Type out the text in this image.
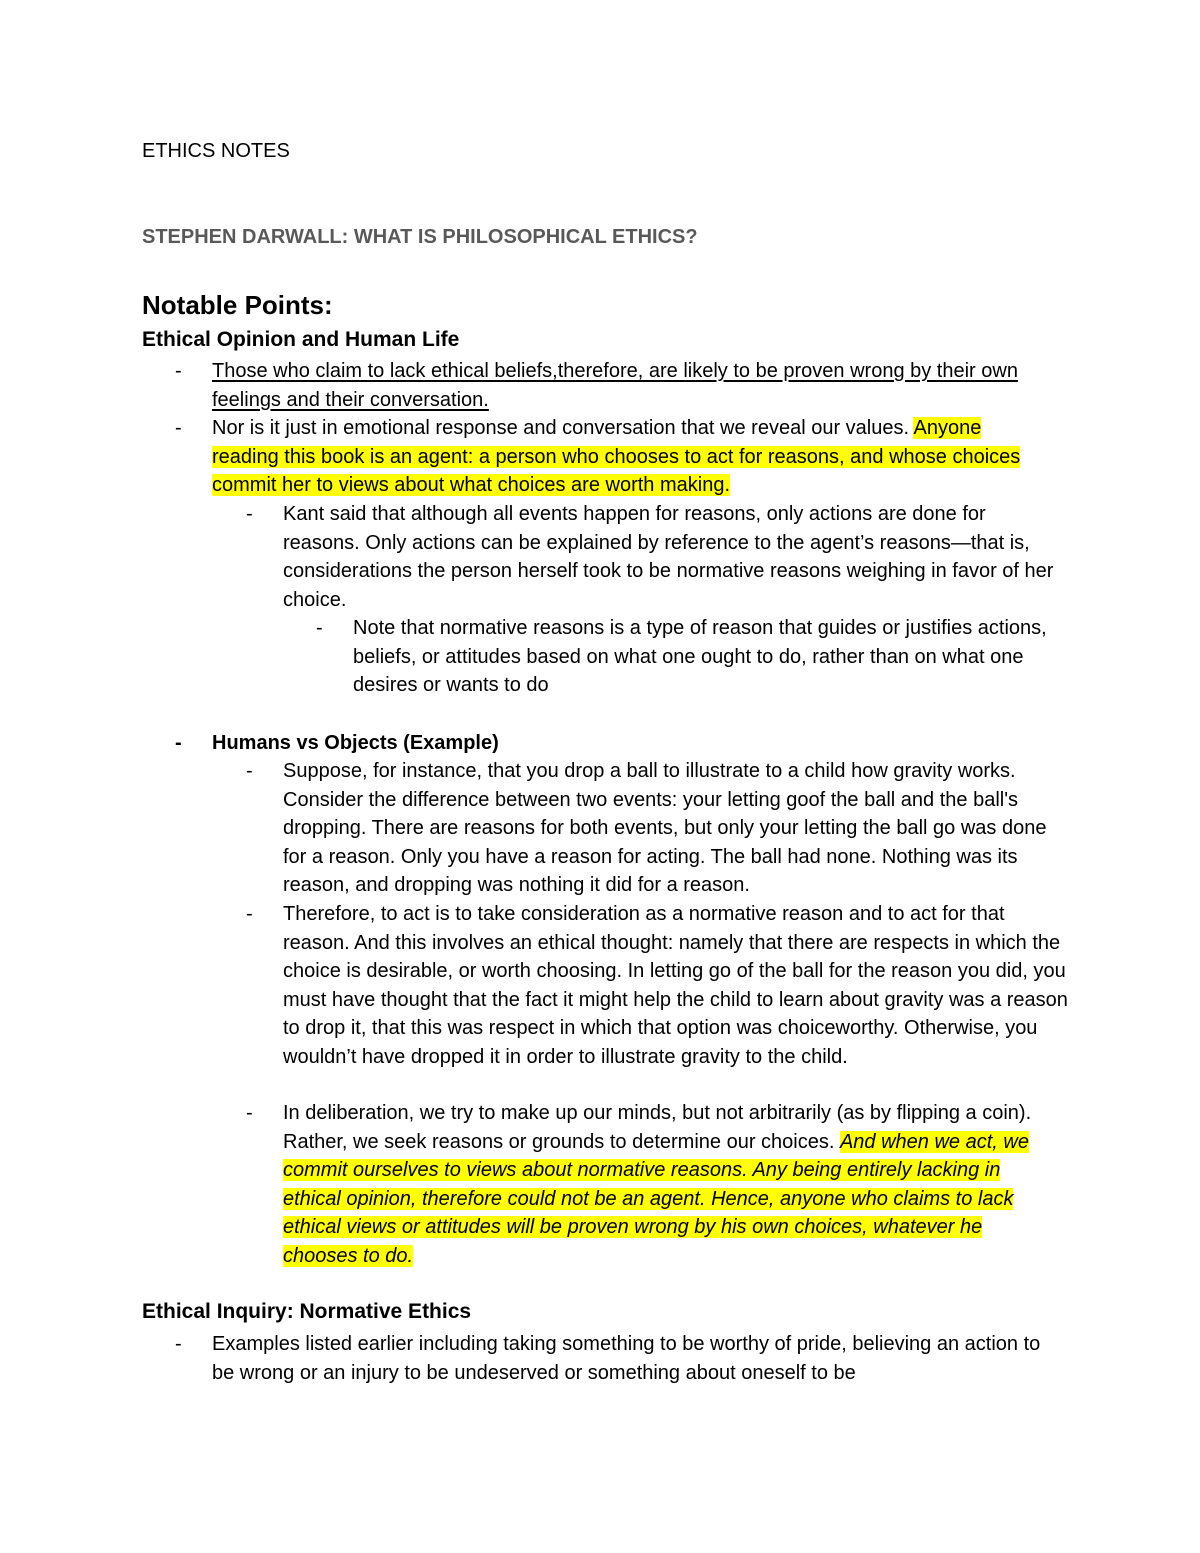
ETHICS NOTES
STEPHEN DARWALL: WHAT IS PHILOSOPHICAL ETHICS?
Notable Points:
Ethical Opinion and Human Life
-	Those who claim to lack ethical beliefs,therefore, are likely to be proven wrong by their own feelings and their conversation.
-	Nor is it just in emotional response and conversation that we reveal our values. Anyone reading this book is an agent: a person who chooses to act for reasons, and whose choices commit her to views about what choices are worth making.
-	Kant said that although all events happen for reasons, only actions are done for reasons. Only actions can be explained by reference to the agent’s reasons—that is, considerations the person herself took to be normative reasons weighing in favor of her choice.
-	Note that normative reasons is a type of reason that guides or justifies actions, beliefs, or attitudes based on what one ought to do, rather than on what one desires or wants to do
-	Humans vs Objects (Example)
-	Suppose, for instance, that you drop a ball to illustrate to a child how gravity works. Consider the difference between two events: your letting goof the ball and the ball's dropping. There are reasons for both events, but only your letting the ball go was done for a reason. Only you have a reason for acting. The ball had none. Nothing was its reason, and dropping was nothing it did for a reason.
-	Therefore, to act is to take consideration as a normative reason and to act for that reason. And this involves an ethical thought: namely that there are respects in which the choice is desirable, or worth choosing. In letting go of the ball for the reason you did, you must have thought that the fact it might help the child to learn about gravity was a reason to drop it, that this was respect in which that option was choiceworthy. Otherwise, you wouldn’t have dropped it in order to illustrate gravity to the child.
-	In deliberation, we try to make up our minds, but not arbitrarily (as by flipping a coin). Rather, we seek reasons or grounds to determine our choices. And when we act, we commit ourselves to views about normative reasons. Any being entirely lacking in ethical opinion, therefore could not be an agent. Hence, anyone who claims to lack ethical views or attitudes will be proven wrong by his own choices, whatever he chooses to do.
Ethical Inquiry: Normative Ethics
-	Examples listed earlier including taking something to be worthy of pride, believing an action to be wrong or an injury to be undeserved or something about oneself to be
